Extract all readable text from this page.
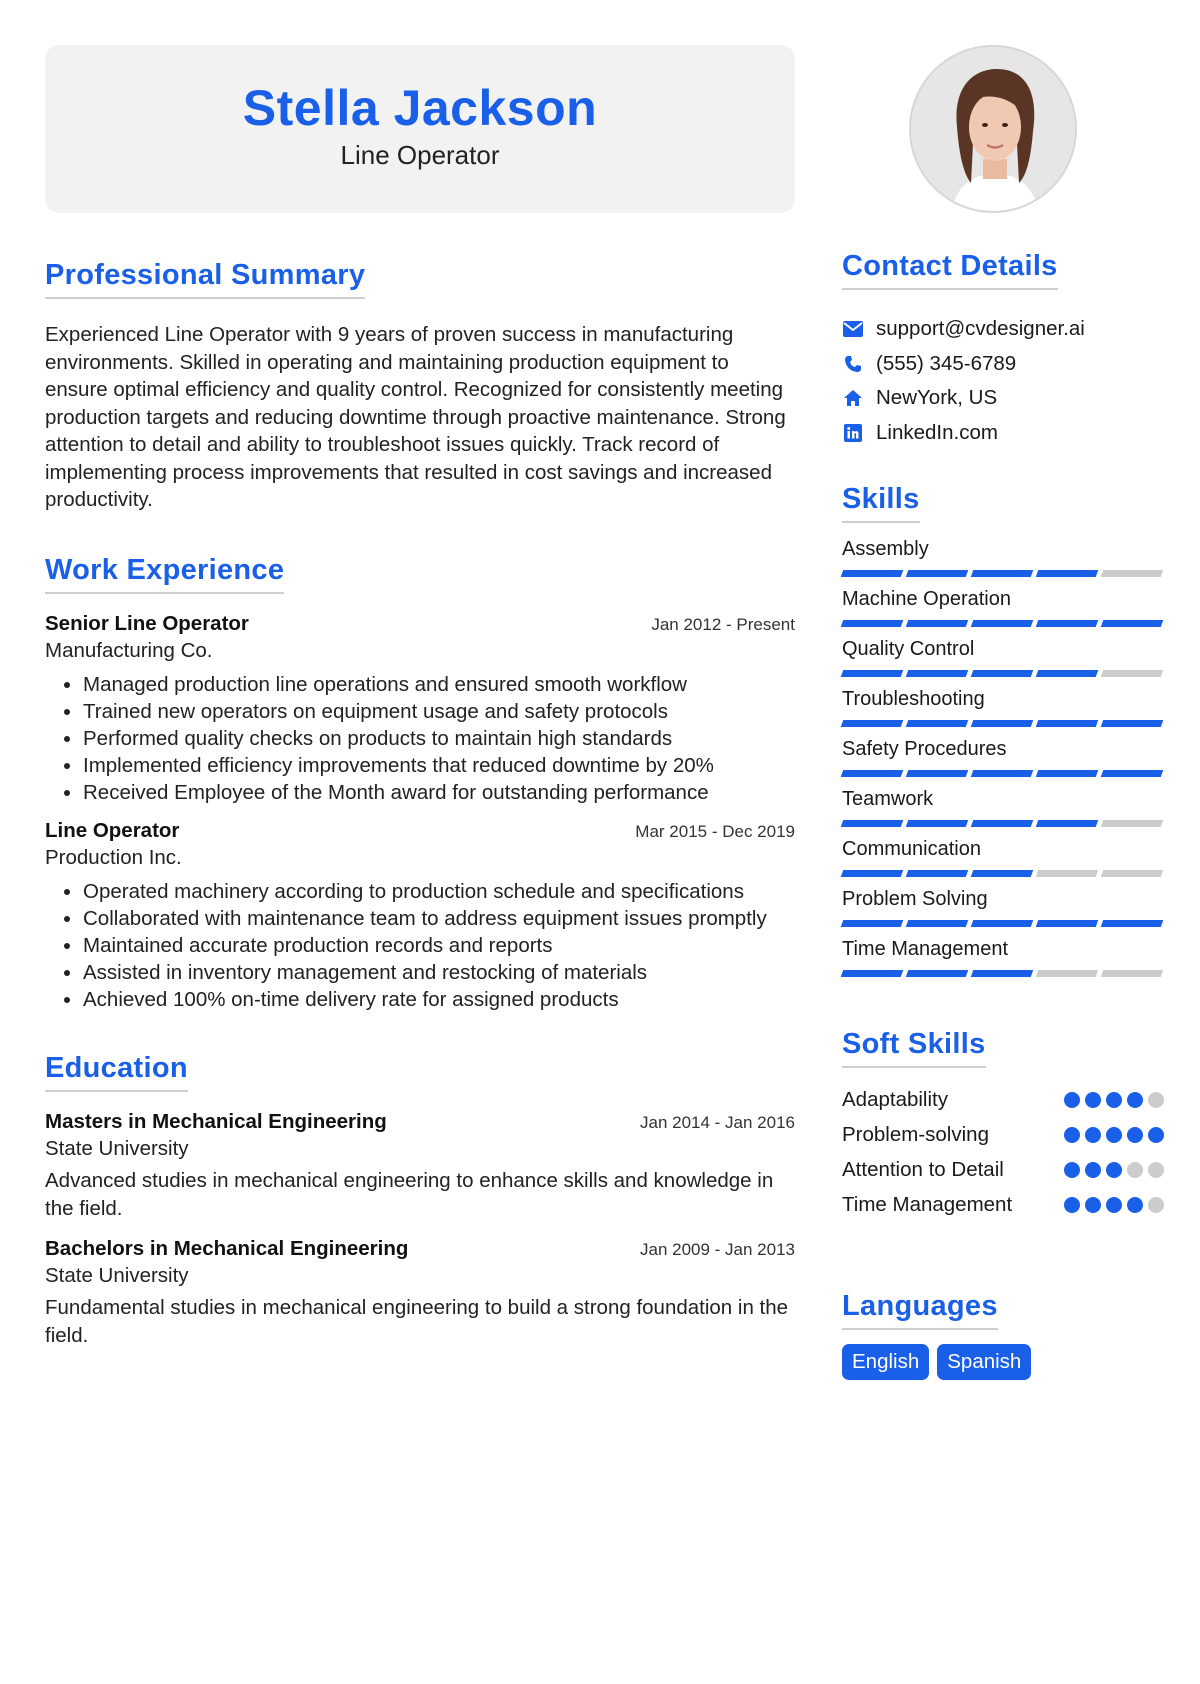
Stella Jackson
Line Operator
Professional Summary

Experienced Line Operator with 9 years of proven success in manufacturing environments. Skilled in operating and maintaining production equipment to ensure optimal efficiency and quality control. Recognized for consistently meeting production targets and reducing downtime through proactive maintenance. Strong attention to detail and ability to troubleshoot issues quickly. Track record of implementing process improvements that resulted in cost savings and increased productivity.

Work Experience
Senior Line Operator	Jan 2012 - Present
Manufacturing Co.
• Managed production line operations and ensured smooth workflow
• Trained new operators on equipment usage and safety protocols
• Performed quality checks on products to maintain high standards
• Implemented efficiency improvements that reduced downtime by 20%
• Received Employee of the Month award for outstanding performance
Line Operator	Mar 2015 - Dec 2019
Production Inc.
• Operated machinery according to production schedule and specifications
• Collaborated with maintenance team to address equipment issues promptly
• Maintained accurate production records and reports
• Assisted in inventory management and restocking of materials
• Achieved 100% on-time delivery rate for assigned products
Education
Masters in Mechanical Engineering	Jan 2014 - Jan 2016
State University

Advanced studies in mechanical engineering to enhance skills and knowledge in the field.

Bachelors in Mechanical Engineering	Jan 2009 - Jan 2013
State University

Fundamental studies in mechanical engineering to build a strong foundation in the field.

Contact Details
support@cvdesigner.ai
(555) 345-6789
NewYork, US
LinkedIn.com
Skills
Assembly
Machine Operation
Quality Control
Troubleshooting
Safety Procedures
Teamwork
Communication
Problem Solving
Time Management
Soft Skills
Adaptability
Problem-solving
Attention to Detail
Time Management
Languages
English	Spanish
